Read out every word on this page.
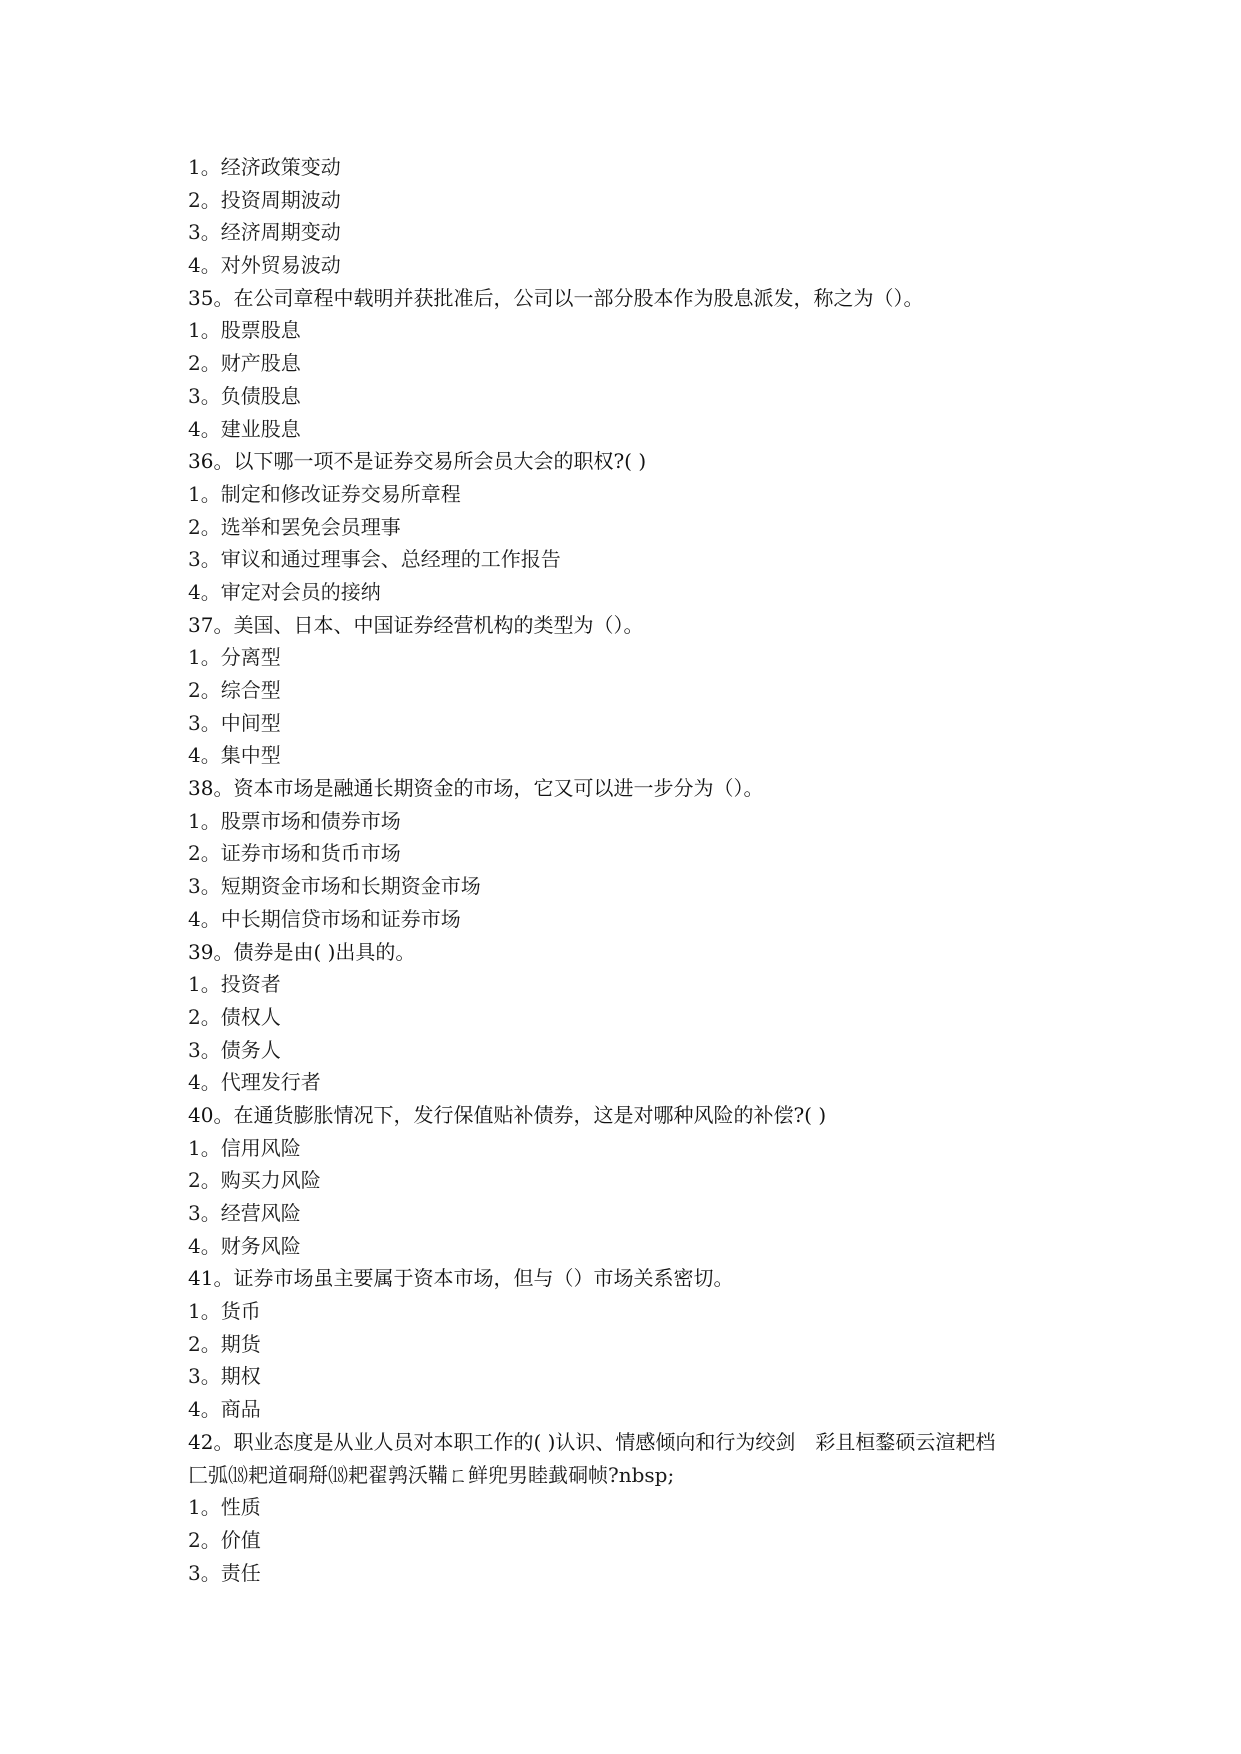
1。经济政策变动
2。投资周期波动
3。经济周期变动
4。对外贸易波动
35。在公司章程中载明并获批准后，公司以一部分股本作为股息派发，称之为（）。
1。股票股息
2。财产股息
3。负债股息
4。建业股息
36。以下哪一项不是证券交易所会员大会的职权?( )
1。制定和修改证券交易所章程
2。选举和罢免会员理事
3。审议和通过理事会、总经理的工作报告
4。审定对会员的接纳
37。美国、日本、中国证券经营机构的类型为（）。
1。分离型
2。综合型
3。中间型
4。集中型
38。资本市场是融通长期资金的市场，它又可以进一步分为（）。
1。股票市场和债券市场
2。证券市场和货币市场
3。短期资金市场和长期资金市场
4。中长期信贷市场和证券市场
39。债券是由( )出具的。
1。投资者
2。债权人
3。债务人
4。代理发行者
40。在通货膨胀情况下，发行保值贴补债券，这是对哪种风险的补偿?( )
1。信用风险
2。购买力风险
3。经营风险
4。财务风险
41。证券市场虽主要属于资本市场，但与（）市场关系密切。
1。货币
2。期货
3。期权
4。商品
42。职业态度是从业人员对本职工作的( )认识、情感倾向和行为绞剑　彩且桓鍪硕云渲耙档
匚弧⒅耙道硐搿⒅耙翟鹑沃鞴ㄈ鲜兜男睦韯硐帧?nbsp;
1。性质
2。价值
3。责任
